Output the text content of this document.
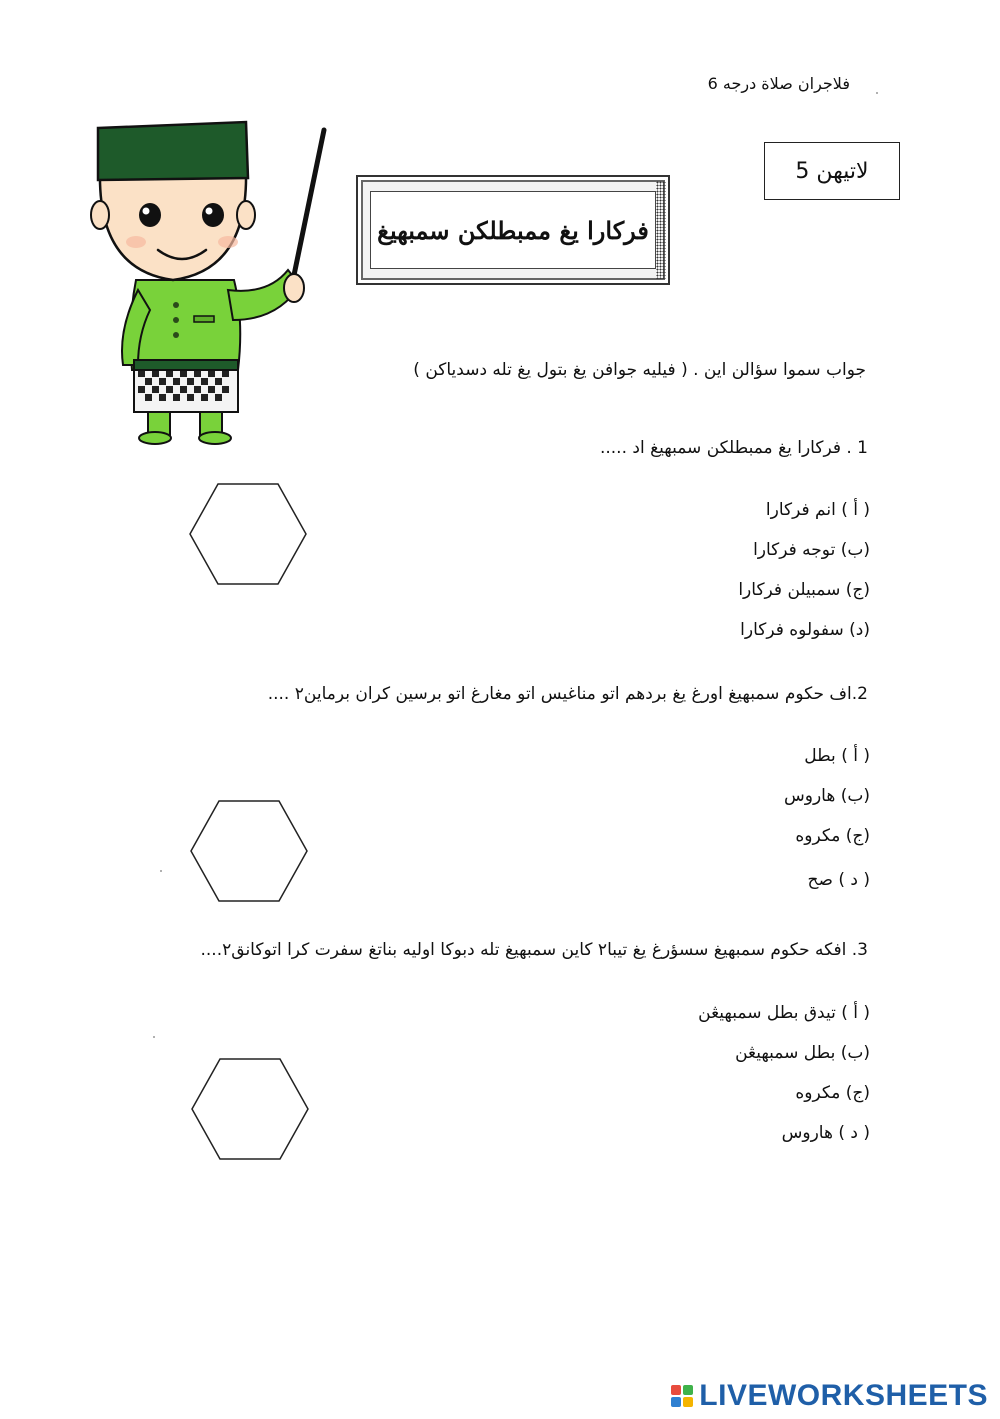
فلاجران صلاة درجه 6
لاتيهن 5
فركارا يغ ممبطلكن سمبهيغ
جواب سموا سؤالن اين . ( فيليه جوافن يغ بتول يغ تله دسدياكن )
1 . فركارا يغ ممبطلكن سمبهيغ اد .....
( أ ) انم فركارا
(ب) توجه فركارا
(ج) سمبيلن فركارا
(د) سفولوه فركارا
2.اف حکوم سمبهيغ اورغ يغ بردهم اتو مناغيس اتو مغارغ اتو برسين كران برماين٢ ....
( أ ) بطل
(ب) هاروس
(ج) مکروه
( د ) صح
3. افکه حکوم سمبهيغ سسؤرغ يغ تيبا٢ كاين سمبهيغ تله دبوكا اوليه بناتغ سفرت كرا اتوكانق٢....
( أ ) تيدق بطل سمبهيڠن
(ب) بطل سمبهيڠن
(ج) مکروه
( د ) هاروس
LIVEWORKSHEETS
